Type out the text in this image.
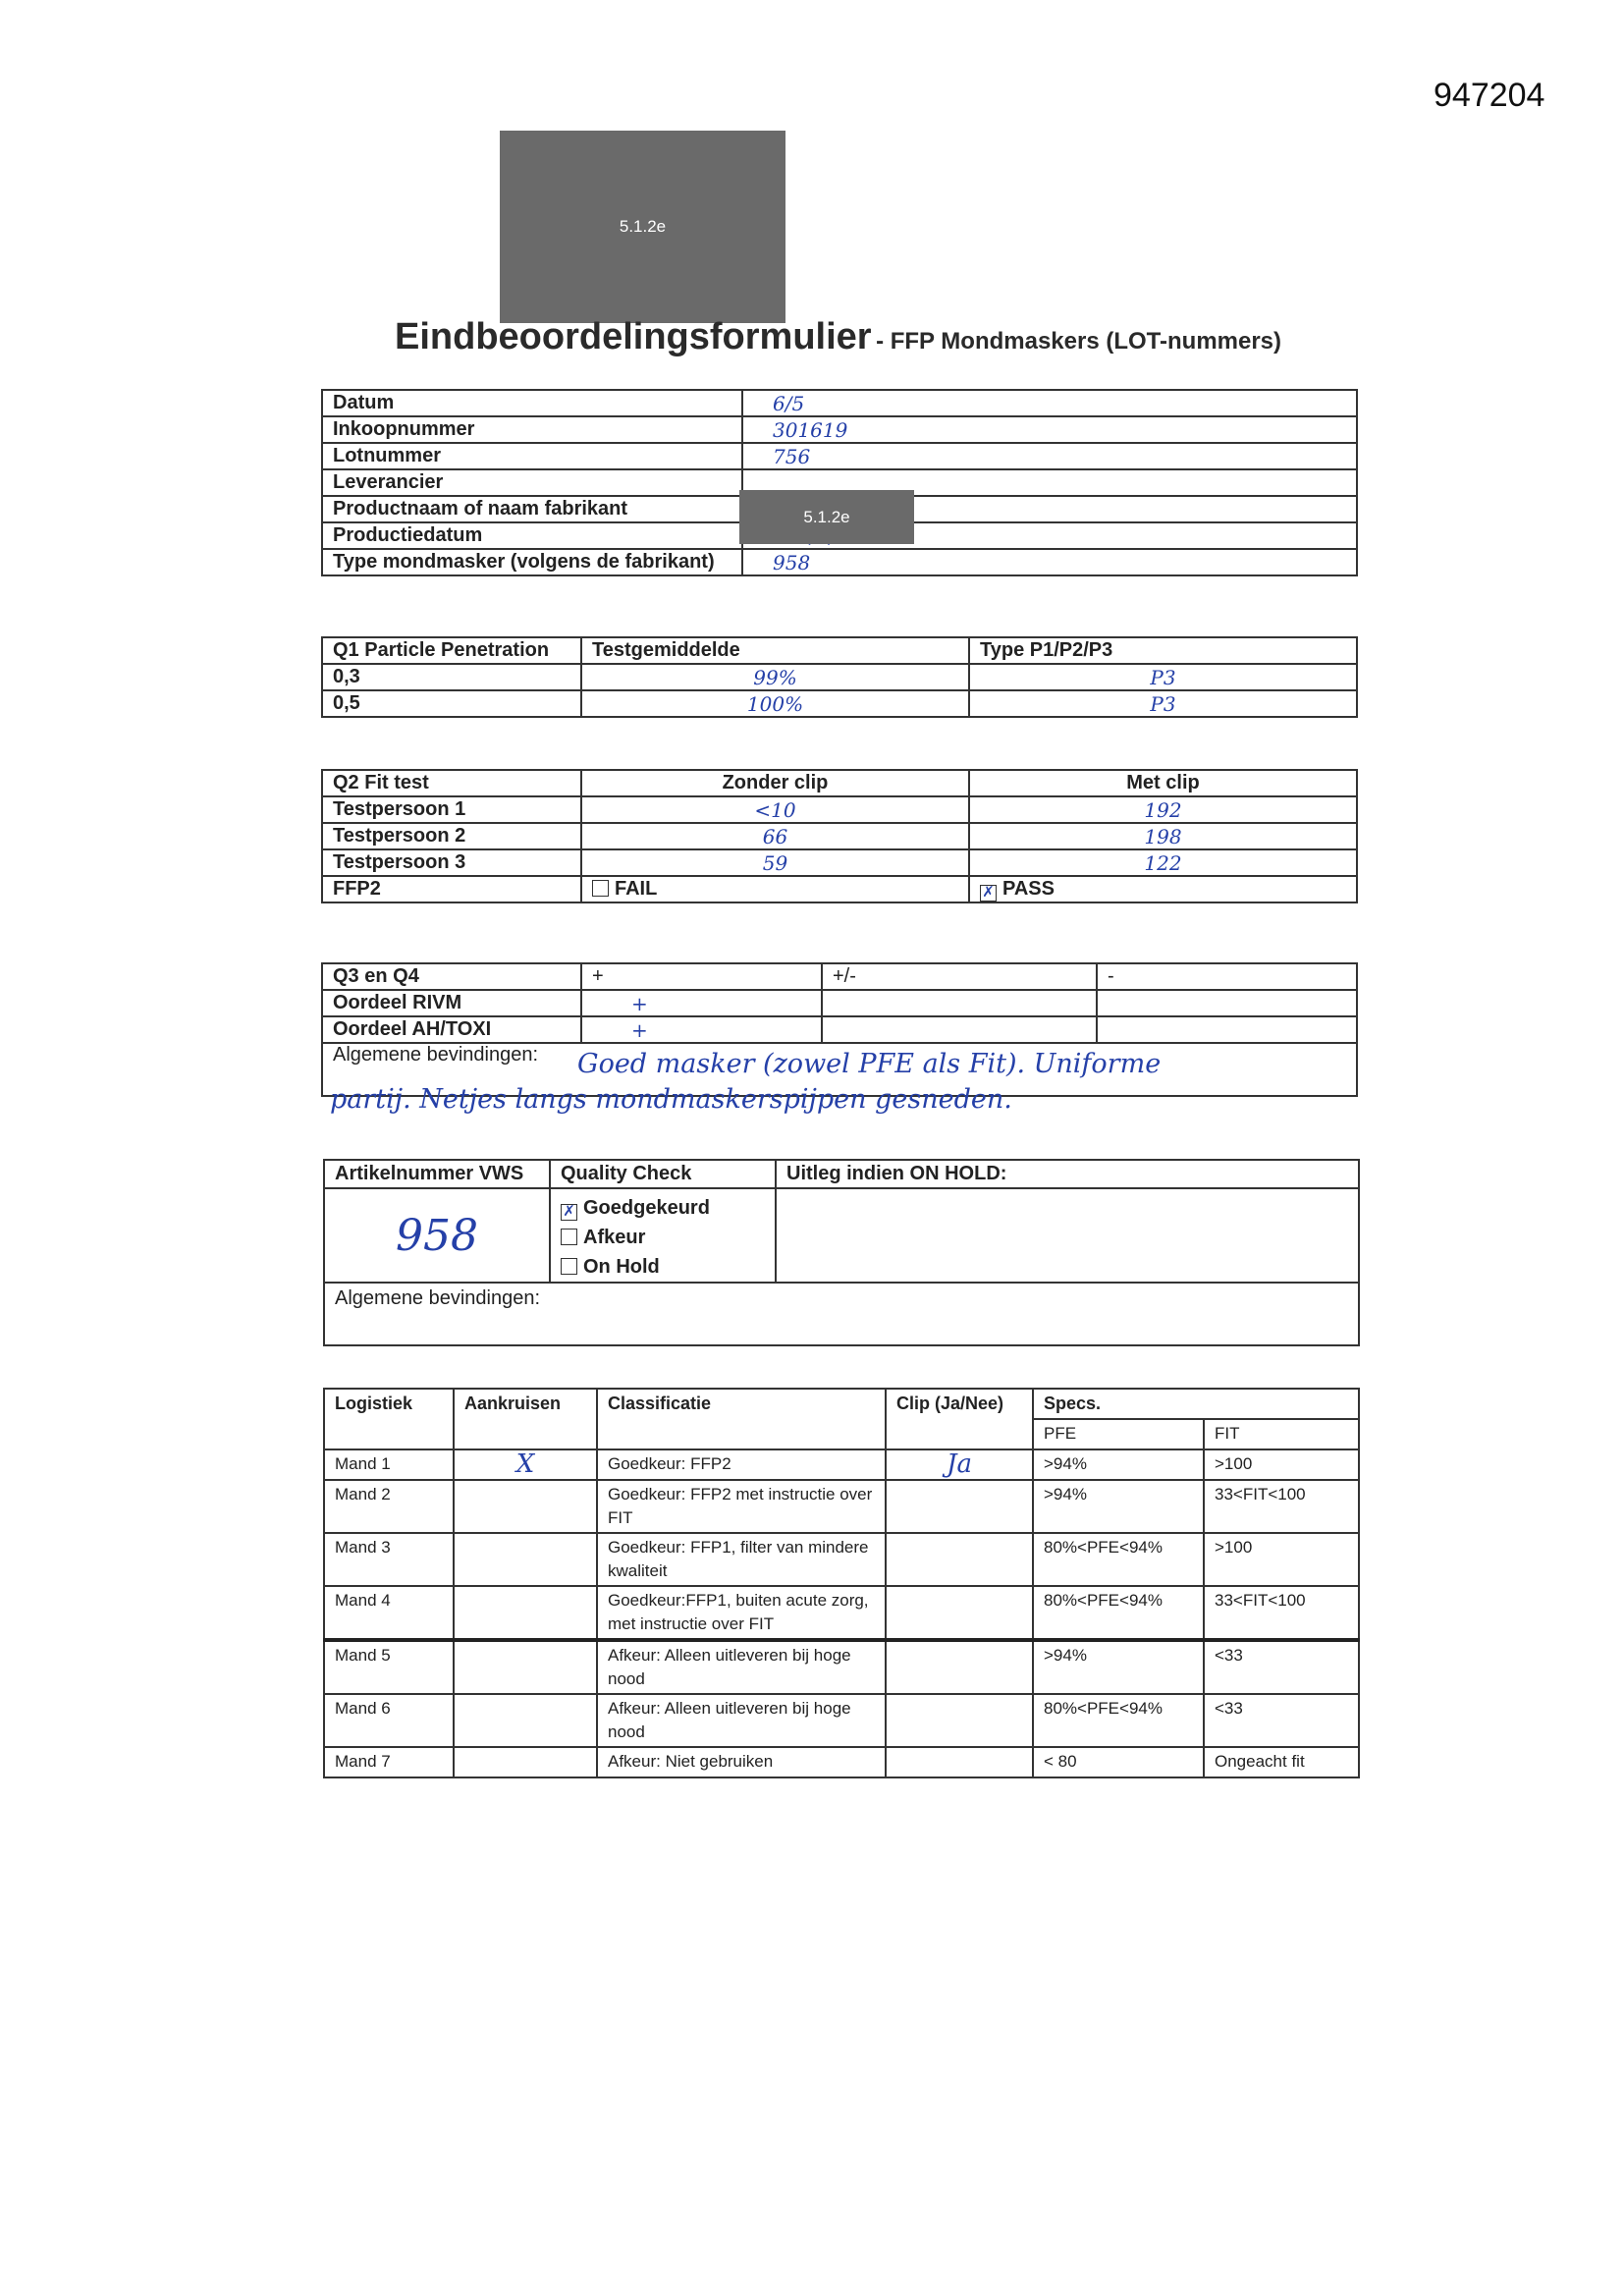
947204
5.1.2e
Eindbeoordelingsformulier - FFP Mondmaskers (LOT-nummers)
Datum	6/5
Inkoopnummer	301619
Lotnummer	756
Leverancier	
Productnaam of naam fabrikant	
Productiedatum	
Type mondmasker (volgens de fabrikant)	958
5.1.2e
Q1 Particle Penetration	Testgemiddelde	Type P1/P2/P3
0,3	99%	P3
0,5	100%	P3
Q2 Fit test	Zonder clip	Met clip
Testpersoon 1	<10	192
Testpersoon 2	66	198
Testpersoon 3	59	122
FFP2	FAIL	✗ PASS
Q3 en Q4	+	+/-	-
Oordeel RIVM	+		
Oordeel AH/TOXI	+		
Algemene bevindingen:			Goed masker (zowel PFE als Fit). Uniforme
partij. Netjes langs mondmaskerspijpen gesneden.
Artikelnummer VWS	Quality Check	Uitleg indien ON HOLD:
958	✗ Goedgekeurd
Afkeur
On Hold	

Algemene bevindingen:		
Logistiek	Aankruisen	Classificatie	Clip (Ja/Nee)	Specs.	
				PFE	FIT
Mand 1	X	Goedkeur: FFP2	Ja	>94%	>100
Mand 2		Goedkeur: FFP2 met instructie over FIT		>94%	33<FIT<100
Mand 3		Goedkeur: FFP1, filter van mindere kwaliteit		80%<PFE<94%	>100
Mand 4		Goedkeur:FFP1, buiten acute zorg, met instructie over FIT		80%<PFE<94%	33<FIT<100
Mand 5		Afkeur: Alleen uitleveren bij hoge nood		>94%	<33
Mand 6		Afkeur: Alleen uitleveren bij hoge nood		80%<PFE<94%	<33
Mand 7		Afkeur: Niet gebruiken		< 80	Ongeacht fit
